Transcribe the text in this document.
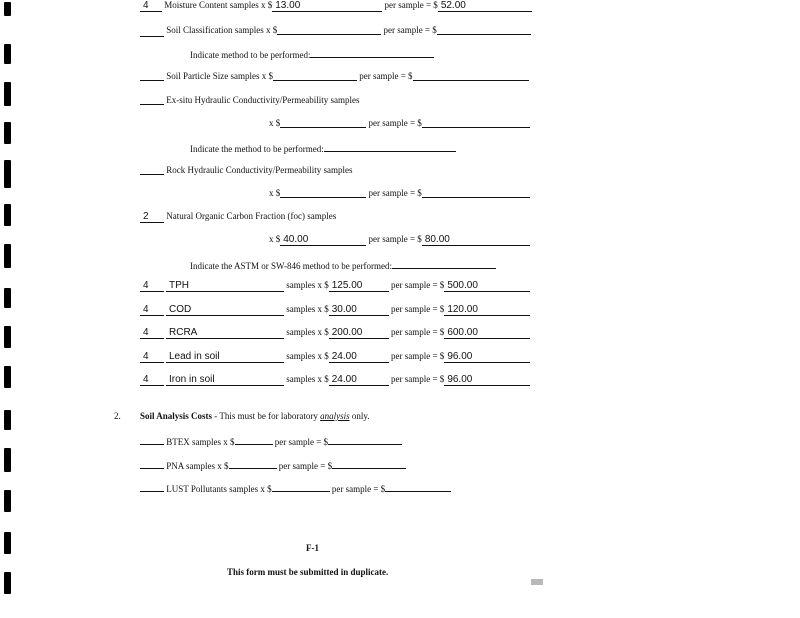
4 Moisture Content samples x $ 13.00	per sample = $ 52.00
Soil Classification samples x $	per sample = $
Indicate method to be performed:
Soil Particle Size samples x $	per sample = $
Ex-situ Hydraulic Conductivity/Permeability samples
x $	per sample = $
Indicate the method to be performed:
Rock Hydraulic Conductivity/Permeability samples
x $	per sample = $
2 Natural Organic Carbon Fraction (foc) samples
x $ 40.00	per sample = $ 80.00
Indicate the ASTM or SW-846 method to be performed:
4 TPH	samples x $ 125.00	per sample = $ 500.00
4 COD	samples x $ 30.00	per sample = $ 120.00
4 RCRA	samples x $ 200.00	per sample = $ 600.00
4 Lead in soil	samples x $ 24.00	per sample = $ 96.00
4 Iron in soil	samples x $ 24.00	per sample = $ 96.00
2. Soil Analysis Costs - This must be for laboratory analysis only.
BTEX samples x $	per sample = $
PNA samples x $	per sample = $
LUST Pollutants samples x $	per sample = $
F-1
This form must be submitted in duplicate.
